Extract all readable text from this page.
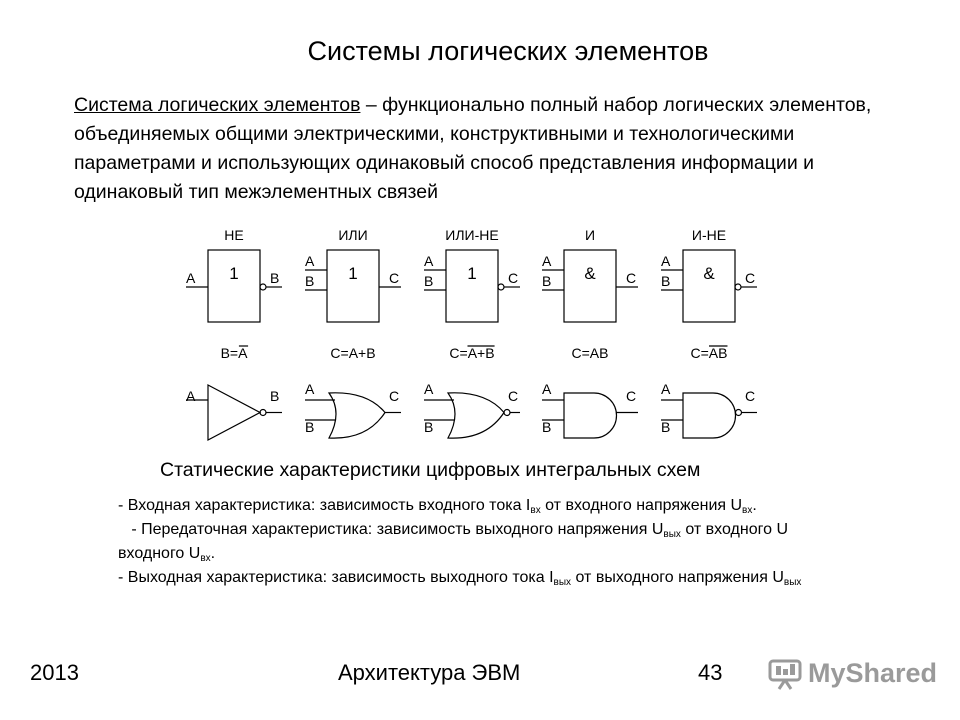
Системы логических элементов
Система логических элементов – функционально полный набор логических элементов, объединяемых общими электрическими, конструктивными и технологическими параметрами и использующих одинаковый способ представления информации и одинаковый тип межэлементных связей
НЕ
1
A	B
B=A
A	B
ИЛИ
1
A
B	C
C=A+B
A
B
C
ИЛИ-НЕ
1
A
B	C
C=A+B
A
B
C
И
&
A
B	C
C=AB
A
B
C
И-НЕ
&
A
B	C
C=AB
A
B
C
Статические характеристики цифровых интегральных схем
- Входная характеристика: зависимость входного тока $I_{вх}$ от входного напряжения $U_{вх}$.
- Передаточная характеристика: зависимость выходного напряжения $U_{вых}$ от входного U
входного $U_{вх}$.
- Выходная характеристика: зависимость выходного тока $I_{вых}$ от выходного напряжения $U_{вых}$
2013	Архитектура ЭВМ	43	MyShared
